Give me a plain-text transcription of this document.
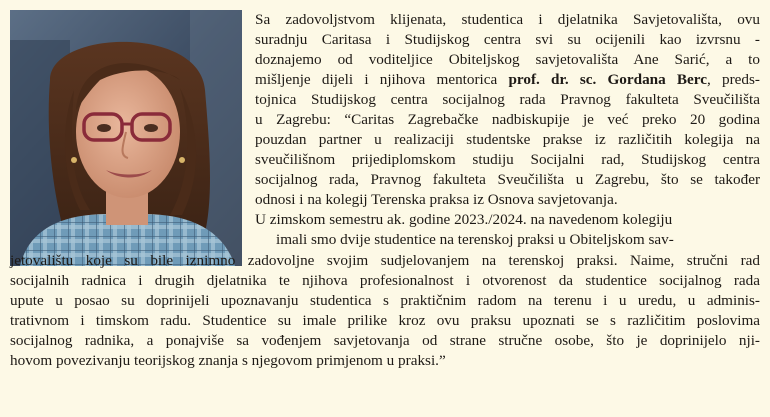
Sa zadovoljstvom klijenata, studentica i djelatnika Savjetovališta, ovu
suradnju Caritasa i Studijskog centra svi su ocijenili kao izvrsnu -
doznajemo od voditeljice Obiteljskog savjetovališta Ane Sarić, a to
mišljenje dijeli i njihova mentorica prof. dr. sc. Gordana Berc, preds-
tojnica Studijskog centra socijalnog rada Pravnog fakulteta Sveučilišta
u Zagrebu: “Caritas Zagrebačke nadbiskupije je već preko 20 godina
pouzdan partner u realizaciji studentske prakse iz različitih kolegija na
sveučilišnom prijediplomskom studiju Socijalni rad, Studijskog centra
socijalnog rada, Pravnog fakulteta Sveučilišta u Zagrebu, što se također
odnosi i na kolegij Terenska praksa iz Osnova savjetovanja.
U zimskom semestru ak. godine 2023./2024. na navedenom kolegiju
imali smo dvije studentice na terenskoj praksi u Obiteljskom sav-
jetovalištu koje su bile iznimno zadovoljne svojim sudjelovanjem na terenskoj praksi. Naime, stručni rad
socijalnih radnica i drugih djelatnika te njihova profesionalnost i otvorenost da studentice socijalnog rada
upute u posao su doprinijeli upoznavanju studentica s praktičnim radom na terenu i u uredu, u adminis-
trativnom i timskom radu. Studentice su imale prilike kroz ovu praksu upoznati se s različitim poslovima
socijalnog radnika, a ponajviše sa vođenjem savjetovanja od strane stručne osobe, što je doprinijelo nji-
hovom povezivanju teorijskog znanja s njegovom primjenom u praksi.”
